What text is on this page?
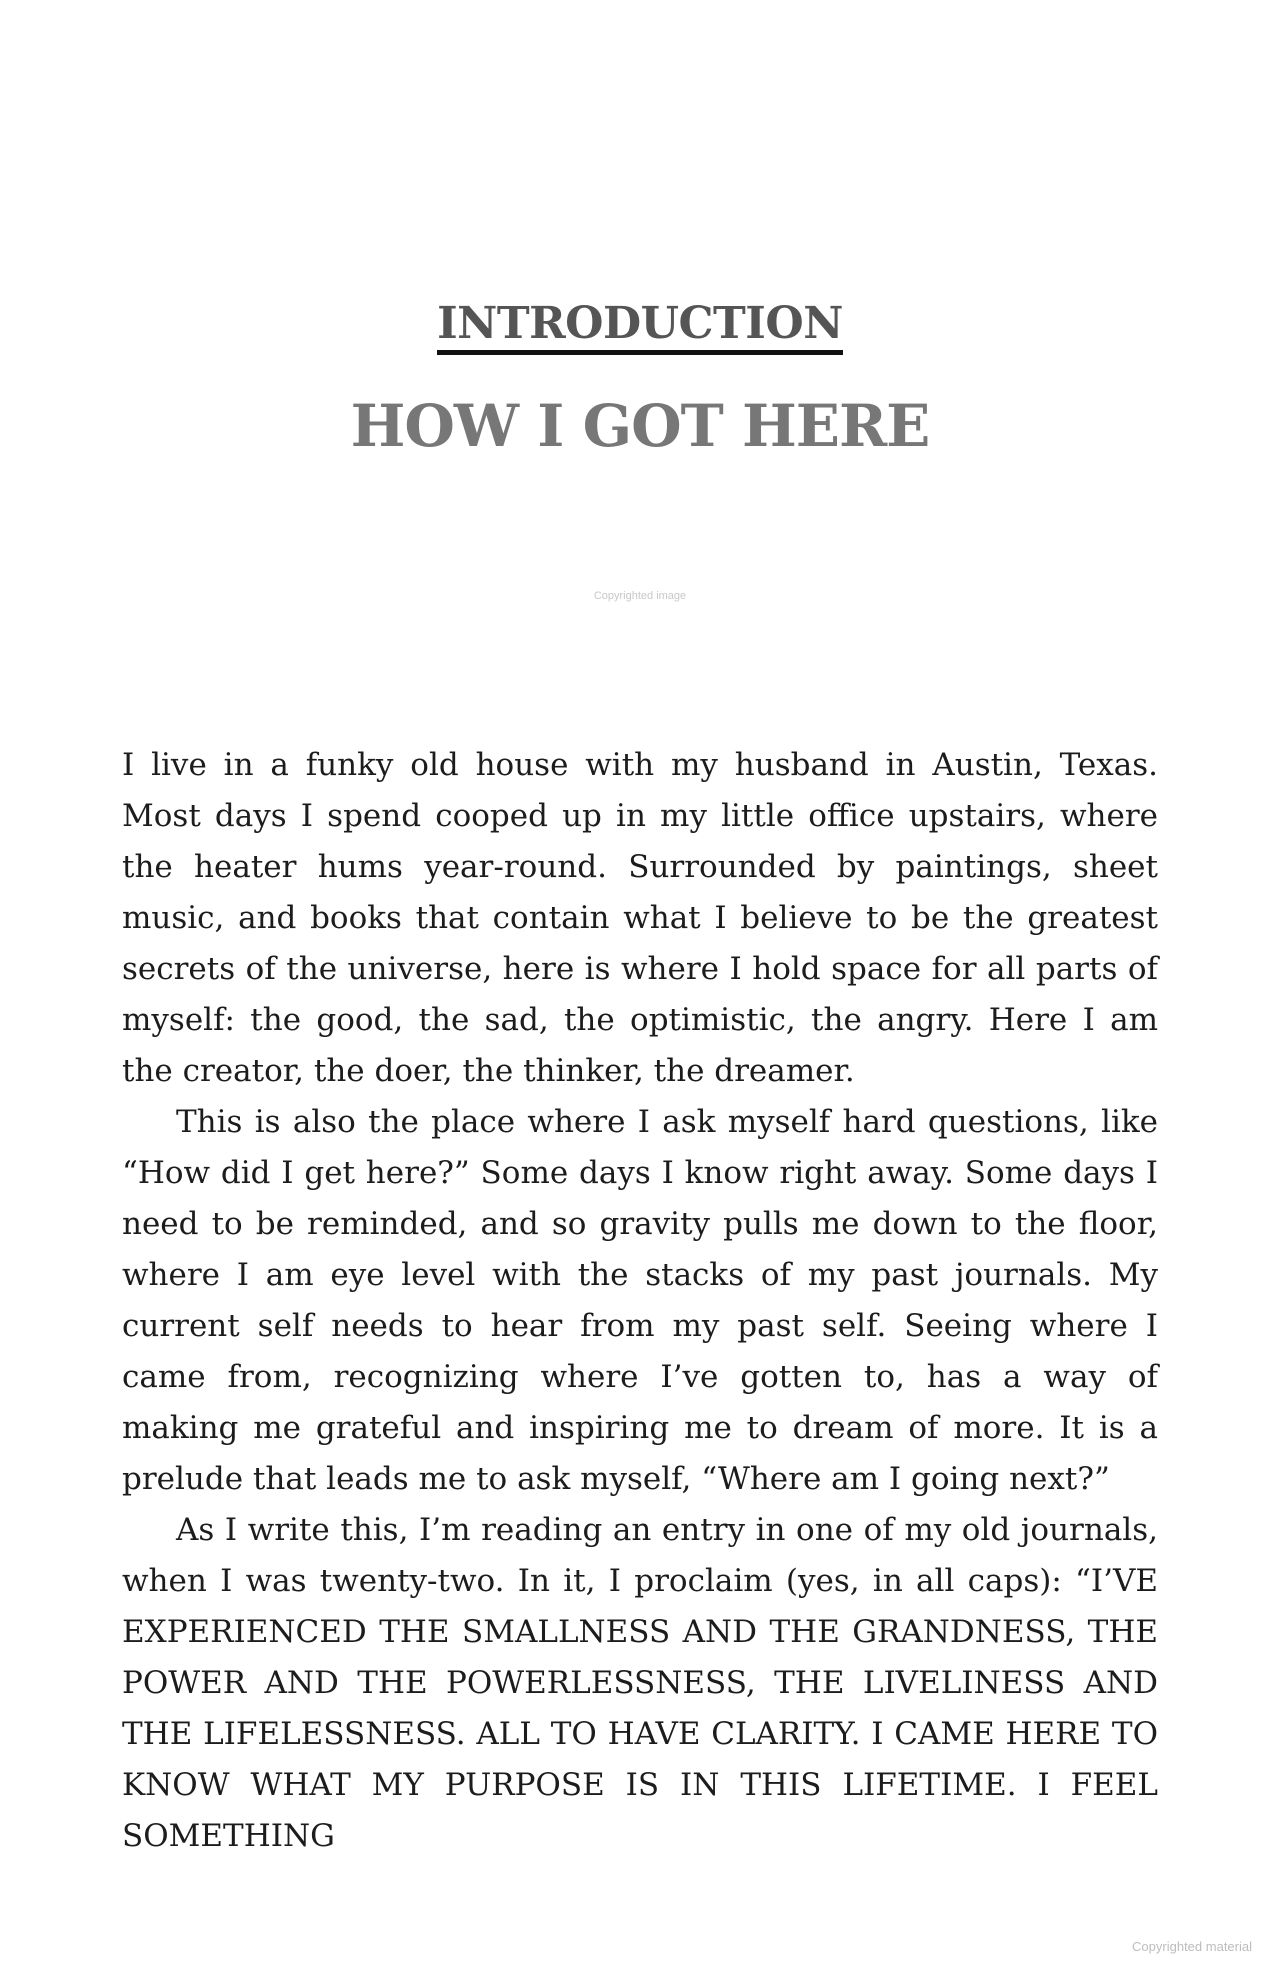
INTRODUCTION
HOW I GOT HERE
Copyrighted image

I live in a funky old house with my husband in Austin, Texas. Most days I spend cooped up in my little office upstairs, where the heater hums year-round. Surrounded by paintings, sheet music, and books that contain what I believe to be the greatest secrets of the universe, here is where I hold space for all parts of myself: the good, the sad, the optimistic, the angry. Here I am the creator, the doer, the thinker, the dreamer.

This is also the place where I ask myself hard questions, like “How did I get here?” Some days I know right away. Some days I need to be reminded, and so gravity pulls me down to the floor, where I am eye level with the stacks of my past journals. My current self needs to hear from my past self. Seeing where I came from, recognizing where I’ve gotten to, has a way of making me grateful and inspiring me to dream of more. It is a prelude that leads me to ask myself, “Where am I going next?”

As I write this, I’m reading an entry in one of my old journals, when I was twenty-two. In it, I proclaim (yes, in all caps): “I’VE EXPERIENCED THE SMALLNESS AND THE GRANDNESS, THE POWER AND THE POWERLESSNESS, THE LIVELINESS AND THE LIFELESSNESS. ALL TO HAVE CLARITY. I CAME HERE TO KNOW WHAT MY PURPOSE IS IN THIS LIFETIME. I FEEL SOMETHING

Copyrighted material
